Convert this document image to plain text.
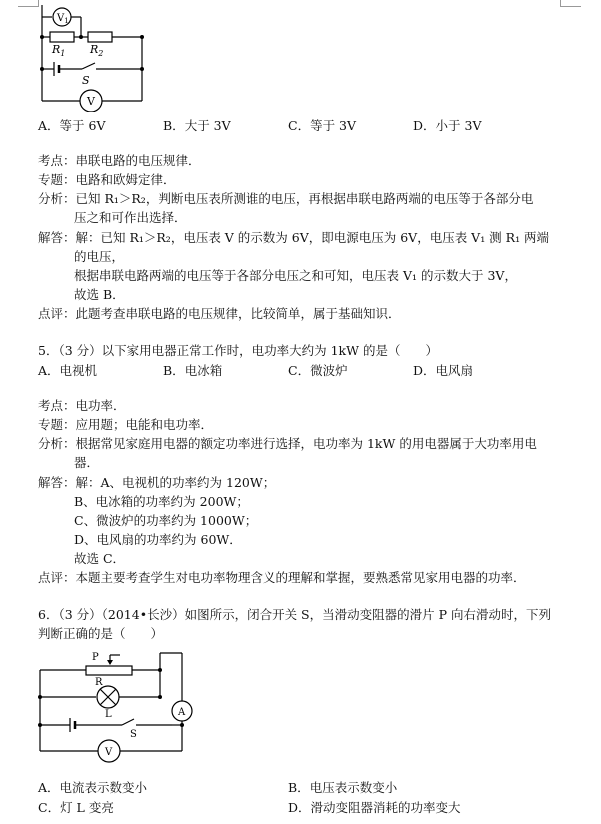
$V_1$
$R_1$ $R_2$
S
V
A．等于 6V	B．大于 3V	C．等于 3V	D．小于 3V
考点：串联电路的电压规律．
专题：电路和欧姆定律．
分析：已知 R₁＞R₂，判断电压表所测谁的电压，再根据串联电路两端的电压等于各部分电
压之和可作出选择．
解答：解：已知 R₁＞R₂，电压表 V 的示数为 6V，即电源电压为 6V，电压表 V₁ 测 R₁ 两端
的电压，
根据串联电路两端的电压等于各部分电压之和可知，电压表 V₁ 的示数大于 3V，
故选 B．
点评：此题考查串联电路的电压规律，比较简单，属于基础知识．
5．（3 分）以下家用电器正常工作时，电功率大约为 1kW 的是（　　）
A．电视机	B．电冰箱	C．微波炉	D．电风扇
考点：电功率．
专题：应用题；电能和电功率．
分析：根据常见家庭用电器的额定功率进行选择，电功率为 1kW 的用电器属于大功率用电
器．
解答：解：A、电视机的功率约为 120W；
B、电冰箱的功率约为 200W；
C、微波炉的功率约为 1000W；
D、电风扇的功率约为 60W．
故选 C．
点评：本题主要考查学生对电功率物理含义的理解和掌握，要熟悉常见家用电器的功率．
6．（3 分）（2014•长沙）如图所示，闭合开关 S，当滑动变阻器的滑片 P 向右滑动时，下列
判断正确的是（　　）
P
R
L
S
A
V
A．电流表示数变小	B．电压表示数变小
C．灯 L 变亮	D．滑动变阻器消耗的功率变大
